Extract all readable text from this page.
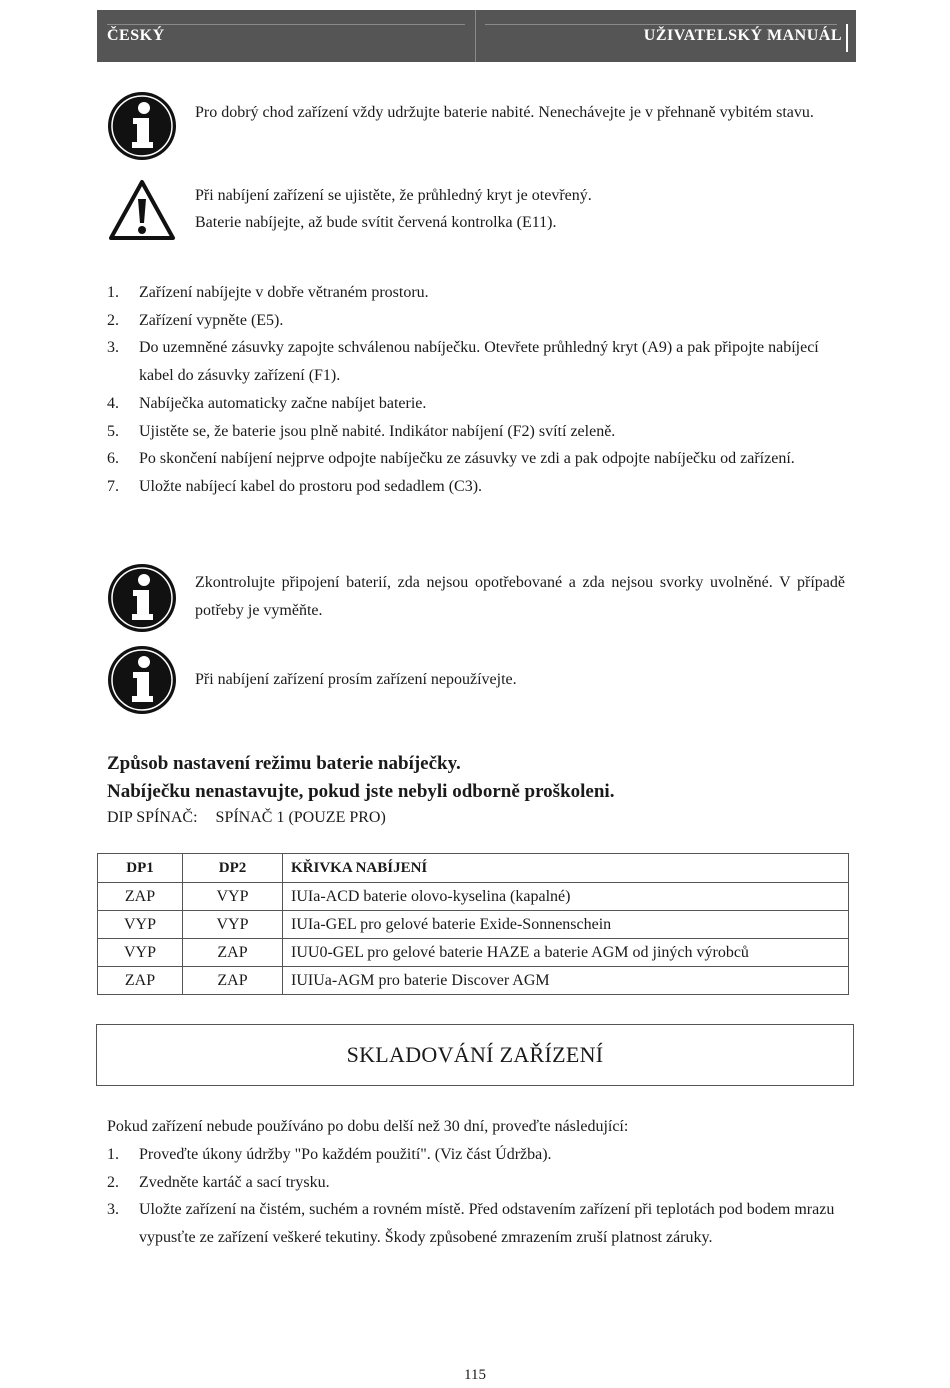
ČESKÝ	UŽIVATELSKÝ MANUÁL
Pro dobrý chod zařízení vždy udržujte baterie nabité. Nenechávejte je v přehnaně vybitém stavu.
Při nabíjení zařízení se ujistěte, že průhledný kryt je otevřený.
Baterie nabíjejte, až bude svítit červená kontrolka (E11).
1. Zařízení nabíjejte v dobře větraném prostoru.
2. Zařízení vypněte (E5).
3. Do uzemněné zásuvky zapojte schválenou nabíječku. Otevřete průhledný kryt (A9) a pak připojte nabíjecí kabel do zásuvky zařízení (F1).
4. Nabíječka automaticky začne nabíjet baterie.
5. Ujistěte se, že baterie jsou plně nabité. Indikátor nabíjení (F2) svítí zeleně.
6. Po skončení nabíjení nejprve odpojte nabíječku ze zásuvky ve zdi a pak odpojte nabíječku od zařízení.
7. Uložte nabíjecí kabel do prostoru pod sedadlem (C3).
Zkontrolujte připojení baterií, zda nejsou opotřebované a zda nejsou svorky uvolněné. V případě potřeby je vyměňte.
Při nabíjení zařízení prosím zařízení nepoužívejte.
Způsob nastavení režimu baterie nabíječky.
Nabíječku nenastavujte, pokud jste nebyli odborně proškoleni.
DIP SPÍNAČ: SPÍNAČ 1 (POUZE PRO)
DP1	DP2	KŘIVKA NABÍJENÍ
ZAP	VYP	IUIa-ACD baterie olovo-kyselina (kapalné)
VYP	VYP	IUIa-GEL pro gelové baterie Exide-Sonnenschein
VYP	ZAP	IUU0-GEL pro gelové baterie HAZE a baterie AGM od jiných výrobců
ZAP	ZAP	IUIUa-AGM pro baterie Discover AGM
SKLADOVÁNÍ ZAŘÍZENÍ
Pokud zařízení nebude používáno po dobu delší než 30 dní, proveďte následující:
1. Proveďte úkony údržby "Po každém použití". (Viz část Údržba).
2. Zvedněte kartáč a sací trysku.
3. Uložte zařízení na čistém, suchém a rovném místě. Před odstavením zařízení při teplotách pod bodem mrazu vypusťte ze zařízení veškeré tekutiny. Škody způsobené zmrazením zruší platnost záruky.
115
